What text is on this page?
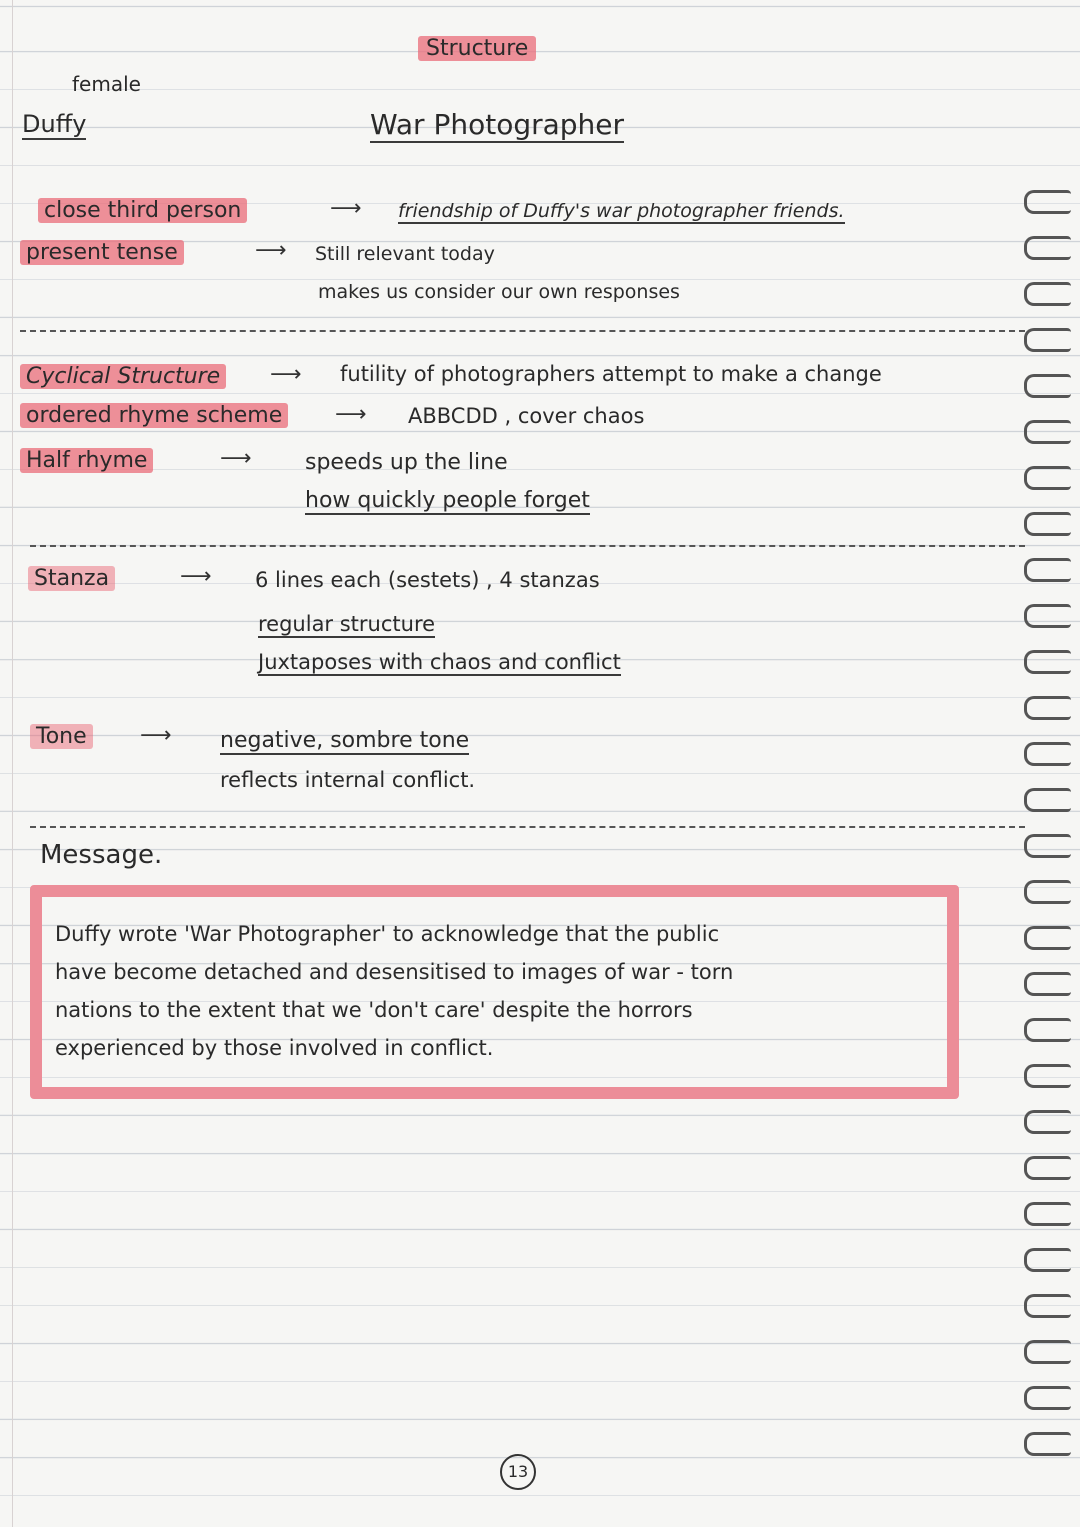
Structure
female
Duffy	War Photographer
close third person	⟶ friendship of Duffy's war photographer friends.
present tense	⟶ Still relevant today
makes us consider our own responses
Cyclical Structure ⟶ futility of photographers attempt to make a change
ordered rhyme scheme ⟶ ABBCDD , cover chaos
Half rhyme	⟶ speeds up the line
how quickly people forget
Stanza	⟶ 6 lines each (sestets) , 4 stanzas
regular structure
Juxtaposes with chaos and conflict
Tone ⟶ negative, sombre tone
reflects internal conflict.
Message.
Duffy wrote 'War Photographer' to acknowledge that the public
have become detached and desensitised to images of war - torn
nations to the extent that we 'don't care' despite the horrors
experienced by those involved in conflict.
13
